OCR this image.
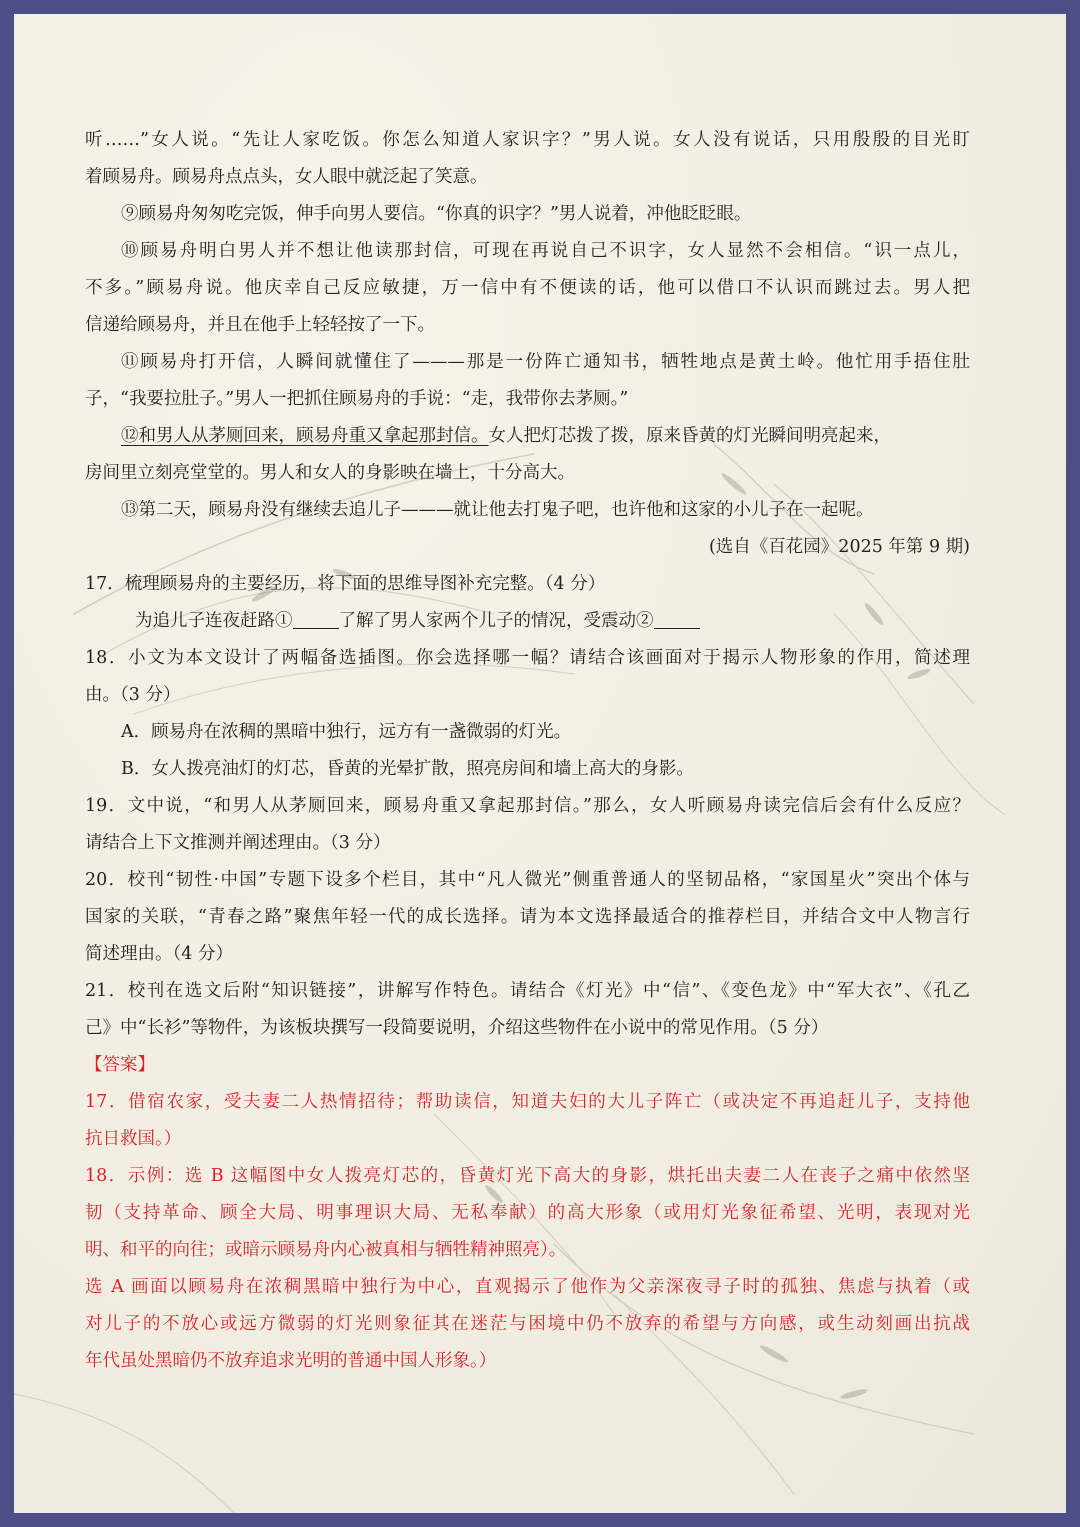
听……”女人说。“先让人家吃饭。你怎么知道人家识字？”男人说。女人没有说话，只用殷殷的目光盯
着顾易舟。顾易舟点点头，女人眼中就泛起了笑意。
⑨顾易舟匆匆吃完饭，伸手向男人要信。“你真的识字？”男人说着，冲他眨眨眼。
⑩顾易舟明白男人并不想让他读那封信，可现在再说自己不识字，女人显然不会相信。“识一点儿，
不多。”顾易舟说。他庆幸自己反应敏捷，万一信中有不便读的话，他可以借口不认识而跳过去。男人把
信递给顾易舟，并且在他手上轻轻按了一下。
⑪顾易舟打开信，人瞬间就懂住了———那是一份阵亡通知书，牺牲地点是黄土岭。他忙用手捂住肚
子，“我要拉肚子。”男人一把抓住顾易舟的手说：“走，我带你去茅厕。”
⑫和男人从茅厕回来，顾易舟重又拿起那封信。女人把灯芯拨了拨，原来昏黄的灯光瞬间明亮起来，
房间里立刻亮堂堂的。男人和女人的身影映在墙上，十分高大。
⑬第二天，顾易舟没有继续去追儿子———就让他去打鬼子吧，也许他和这家的小儿子在一起呢。
(选自《百花园》2025 年第 9 期)
17．梳理顾易舟的主要经历，将下面的思维导图补充完整。（4 分）
为追儿子连夜赶路①	了解了男人家两个儿子的情况，受震动②
18．小文为本文设计了两幅备选插图。你会选择哪一幅？请结合该画面对于揭示人物形象的作用，简述理
由。（3 分）
A．顾易舟在浓稠的黑暗中独行，远方有一盏微弱的灯光。
B．女人拨亮油灯的灯芯，昏黄的光晕扩散，照亮房间和墙上高大的身影。
19．文中说，“和男人从茅厕回来，顾易舟重又拿起那封信。”那么，女人听顾易舟读完信后会有什么反应？
请结合上下文推测并阐述理由。（3 分）
20．校刊“韧性·中国”专题下设多个栏目，其中“凡人微光”侧重普通人的坚韧品格，“家国星火”突出个体与
国家的关联，“青春之路”聚焦年轻一代的成长选择。请为本文选择最适合的推荐栏目，并结合文中人物言行
简述理由。（4 分）
21．校刊在选文后附“知识链接”，讲解写作特色。请结合《灯光》中“信”、《变色龙》中“军大衣”、《孔乙
己》中“长衫”等物件，为该板块撰写一段简要说明，介绍这些物件在小说中的常见作用。（5 分）
【答案】
17．借宿农家，受夫妻二人热情招待；帮助读信，知道夫妇的大儿子阵亡（或决定不再追赶儿子，支持他
抗日救国。）
18．示例：选 B 这幅图中女人拨亮灯芯的，昏黄灯光下高大的身影，烘托出夫妻二人在丧子之痛中依然坚
韧（支持革命、顾全大局、明事理识大局、无私奉献）的高大形象（或用灯光象征希望、光明，表现对光
明、和平的向往；或暗示顾易舟内心被真相与牺牲精神照亮）。
选 A 画面以顾易舟在浓稠黑暗中独行为中心，直观揭示了他作为父亲深夜寻子时的孤独、焦虑与执着（或
对儿子的不放心或远方微弱的灯光则象征其在迷茫与困境中仍不放弃的希望与方向感，或生动刻画出抗战
年代虽处黑暗仍不放弃追求光明的普通中国人形象。）
